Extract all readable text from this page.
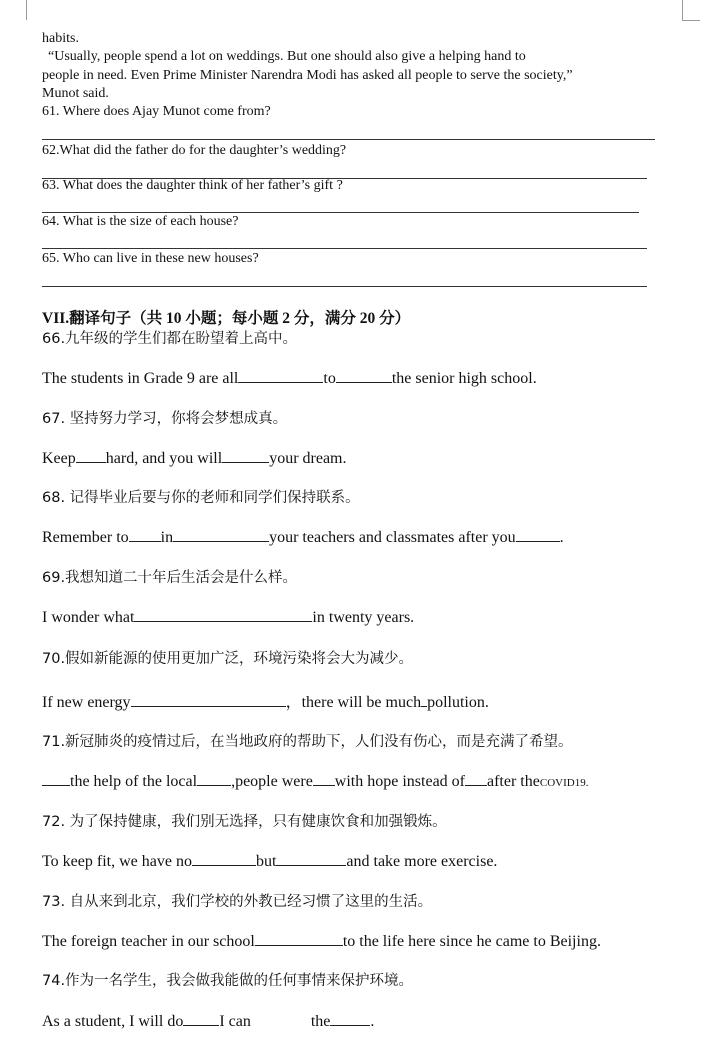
habits.
“Usually, people spend a lot on weddings. But one should also give a helping hand to
people in need. Even Prime Minister Narendra Modi has asked all people to serve the society,”
Munot said.
61. Where does Ajay Munot come from?
62.What did the father do for the daughter’s wedding?
63. What does the daughter think of her father’s gift ?
64. What is the size of each house?
65. Who can live in these new houses?
VII.翻译句子（共 10 小题；每小题 2 分，满分 20 分）
66.九年级的学生们都在盼望着上高中。
The students in Grade 9 are all	to	the senior high school.
67. 坚持努力学习，你将会梦想成真。
Keep hard, and you will	your dream.
68. 记得毕业后要与你的老师和同学们保持联系。
Remember to in	your teachers and classmates after you	.
69.我想知道二十年后生活会是什么样。
I wonder what	in twenty years.
70.假如新能源的使用更加广泛，环境污染将会大为减少。
If new energy	，there will be much pollution.
71.新冠肺炎的疫情过后，在当地政府的帮助下，人们没有伤心，而是充满了希望。
the help of the local ,people were with hope instead of after theCOVID19.
72. 为了保持健康，我们别无选择，只有健康饮食和加强锻炼。
To keep fit, we have no	but	and take more exercise.
73. 自从来到北京，我们学校的外教已经习惯了这里的生活。
The foreign teacher in our school	to the life here since he came to Beijing.
74.作为一名学生，我会做我能做的任何事情来保护环境。
As a student, I will do I can	the	.
